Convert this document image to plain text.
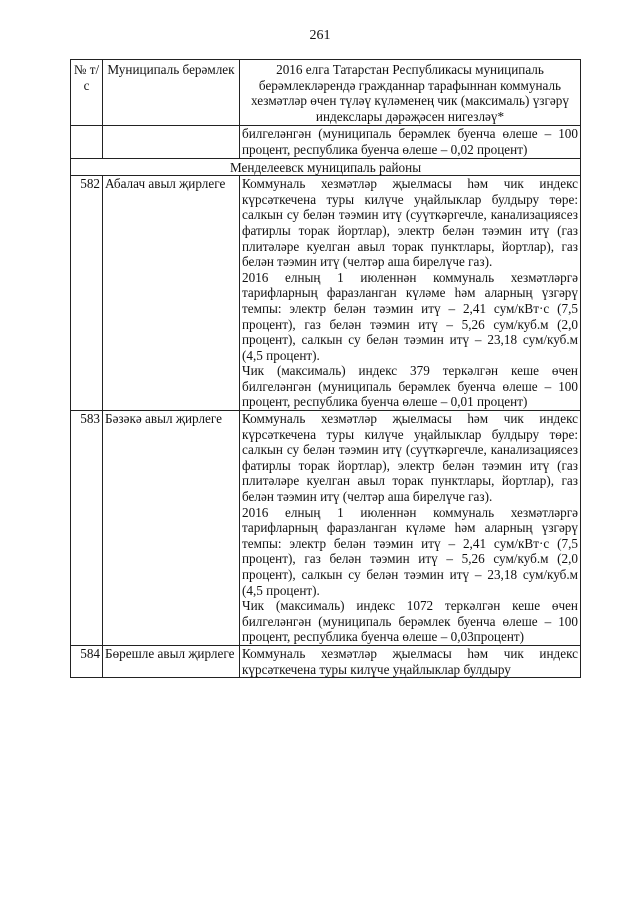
261
№ т/с	Муниципаль берәмлек	2016 елга Татарстан Республикасы муниципаль берәмлекләрендә гражданнар тарафыннан коммуналь хезмәтләр өчен түләү күләменең чик (максималь) үзгәрү индекслары дәрәҗәсен нигезләү*
		билгеләнгән (муниципаль берәмлек буенча өлеше – 100 процент, республика буенча өлеше – 0,02 процент)
Менделеевск муниципаль районы		
582	Абалач авыл җирлеге	Коммуналь хезмәтләр җыелмасы һәм чик индекс күрсәткечена туры килүче уңайлыклар булдыру төре: салкын су белән тәэмин итү (суүткәргечле, канализациясез фатирлы торак йортлар), электр белән тәэмин итү (газ плитәләре куелган авыл торак пунктлары, йортлар), газ белән тәэмин итү (челтәр аша бирелүче газ).

2016 елның 1 июленнән коммуналь хезмәтләргә тарифларның фаразланган күләме һәм аларның үзгәрү темпы: электр белән тәэмин итү – 2,41 сум/кВт·с (7,5 процент), газ белән тәэмин итү – 5,26 сум/куб.м (2,0 процент), салкын су белән тәэмин итү – 23,18 сум/куб.м (4,5 процент).

Чик (максималь) индекс 379 теркәлгән кеше өчен билгеләнгән (муниципаль берәмлек буенча өлеше – 100 процент, республика буенча өлеше – 0,01 процент)

583	Бәзәкә авыл җирлеге	Коммуналь хезмәтләр җыелмасы һәм чик индекс күрсәткечена туры килүче уңайлыклар булдыру төре: салкын су белән тәэмин итү (суүткәргечле, канализациясез фатирлы торак йортлар), электр белән тәэмин итү (газ плитәләре куелган авыл торак пунктлары, йортлар), газ белән тәэмин итү (челтәр аша бирелүче газ).

2016 елның 1 июленнән коммуналь хезмәтләргә тарифларның фаразланган күләме һәм аларның үзгәрү темпы: электр белән тәэмин итү – 2,41 сум/кВт·с (7,5 процент), газ белән тәэмин итү – 5,26 сум/куб.м (2,0 процент), салкын су белән тәэмин итү – 23,18 сум/куб.м (4,5 процент).

Чик (максималь) индекс 1072 теркәлгән кеше өчен билгеләнгән (муниципаль берәмлек буенча өлеше – 100 процент, республика буенча өлеше – 0,03процент)

584	Бөрешле авыл җирлеге	Коммуналь хезмәтләр җыелмасы һәм чик индекс күрсәткечена туры килүче уңайлыклар булдыру
